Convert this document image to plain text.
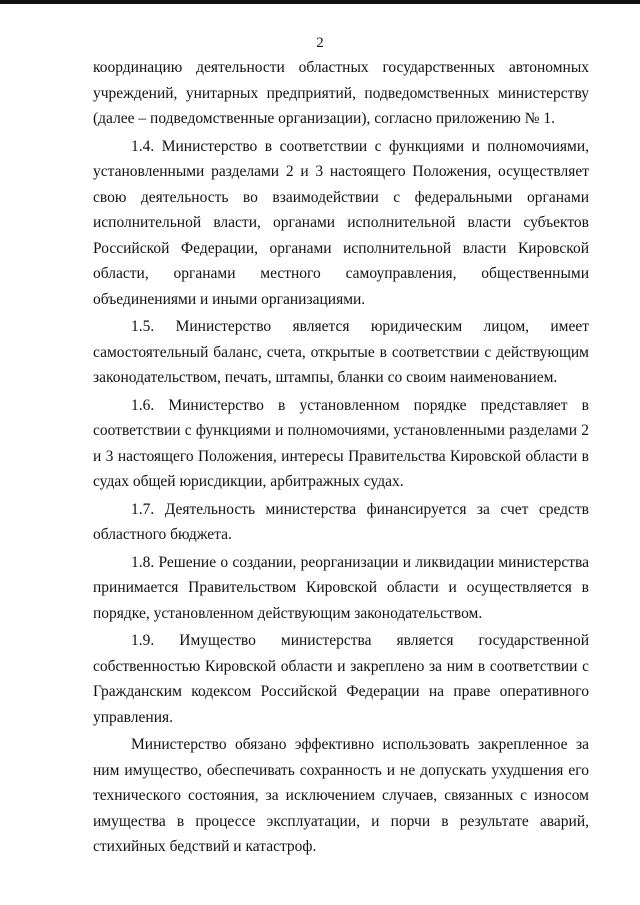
2

координацию деятельности областных государственных автономных учреждений, унитарных предприятий, подведомственных министерству (далее – подведомственные организации), согласно приложению № 1.

1.4. Министерство в соответствии с функциями и полномочиями, установленными разделами 2 и 3 настоящего Положения, осуществляет свою деятельность во взаимодействии с федеральными органами исполнительной власти, органами исполнительной власти субъектов Российской Федерации, органами исполнительной власти Кировской области, органами местного самоуправления, общественными объединениями и иными организациями.

1.5. Министерство является юридическим лицом, имеет самостоятельный баланс, счета, открытые в соответствии с действующим законодательством, печать, штампы, бланки со своим наименованием.

1.6. Министерство в установленном порядке представляет в соответствии с функциями и полномочиями, установленными разделами 2 и 3 настоящего Положения, интересы Правительства Кировской области в судах общей юрисдикции, арбитражных судах.

1.7. Деятельность министерства финансируется за счет средств областного бюджета.

1.8. Решение о создании, реорганизации и ликвидации министерства принимается Правительством Кировской области и осуществляется в порядке, установленном действующим законодательством.

1.9. Имущество министерства является государственной собственностью Кировской области и закреплено за ним в соответствии с Гражданским кодексом Российской Федерации на праве оперативного управления.

Министерство обязано эффективно использовать закрепленное за ним имущество, обеспечивать сохранность и не допускать ухудшения его технического состояния, за исключением случаев, связанных с износом имущества в процессе эксплуатации, и порчи в результате аварий, стихийных бедствий и катастроф.
